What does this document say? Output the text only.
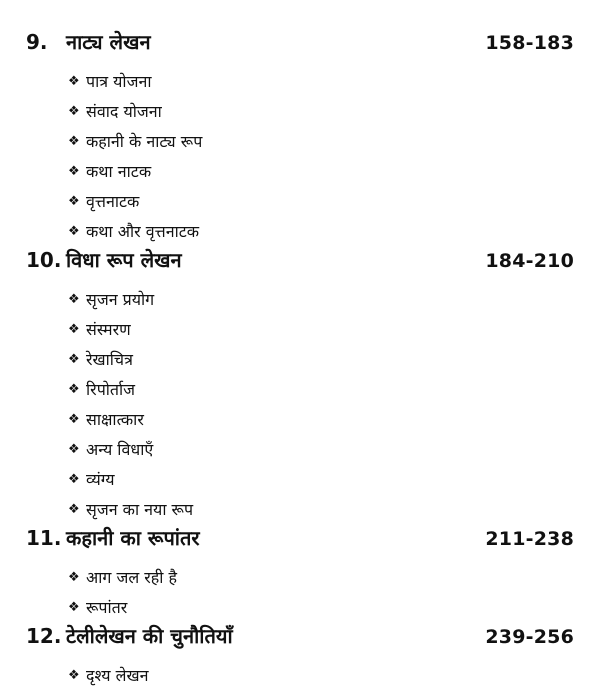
9. नाट्य लेखन	158-183
❖ पात्र योजना
❖ संवाद योजना
❖ कहानी के नाट्य रूप
❖ कथा नाटक
❖ वृत्तनाटक
❖ कथा और वृत्तनाटक
10. विधा रूप लेखन	184-210
❖ सृजन प्रयोग
❖ संस्मरण
❖ रेखाचित्र
❖ रिपोर्ताज
❖ साक्षात्कार
❖ अन्य विधाएँ
❖ व्यंग्य
❖ सृजन का नया रूप
11. कहानी का रूपांतर	211-238
❖ आग जल रही है
❖ रूपांतर
12. टेलीलेखन की चुनौतियाँ	239-256
❖ दृश्य लेखन
